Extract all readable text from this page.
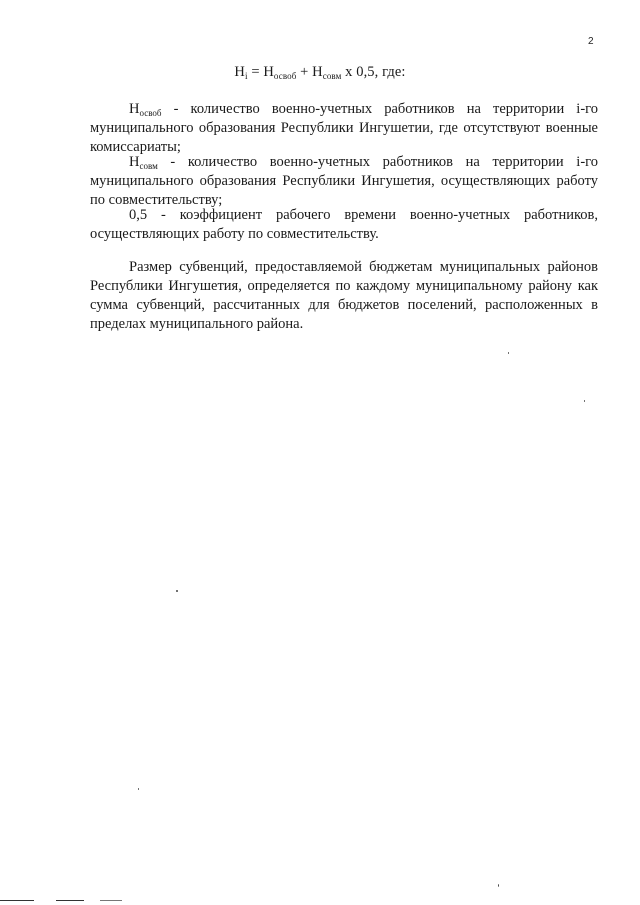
2
$Н_i = Н_{освоб} + Н_{совм}$ х 0,5, где:

$Н_{освоб}$ - количество военно-учетных работников на территории i-го муниципального образования Республики Ингушетии, где отсутствуют военные комиссариаты;

$Н_{совм}$ - количество военно-учетных работников на территории i-го муниципального образования Республики Ингушетия, осуществляющих работу по совместительству;

0,5 - коэффициент рабочего времени военно-учетных работников, осуществляющих работу по совместительству.

Размер субвенций, предоставляемой бюджетам муниципальных районов Республики Ингушетия, определяется по каждому муниципальному району как сумма субвенций, рассчитанных для бюджетов поселений, расположенных в пределах муниципального района.
